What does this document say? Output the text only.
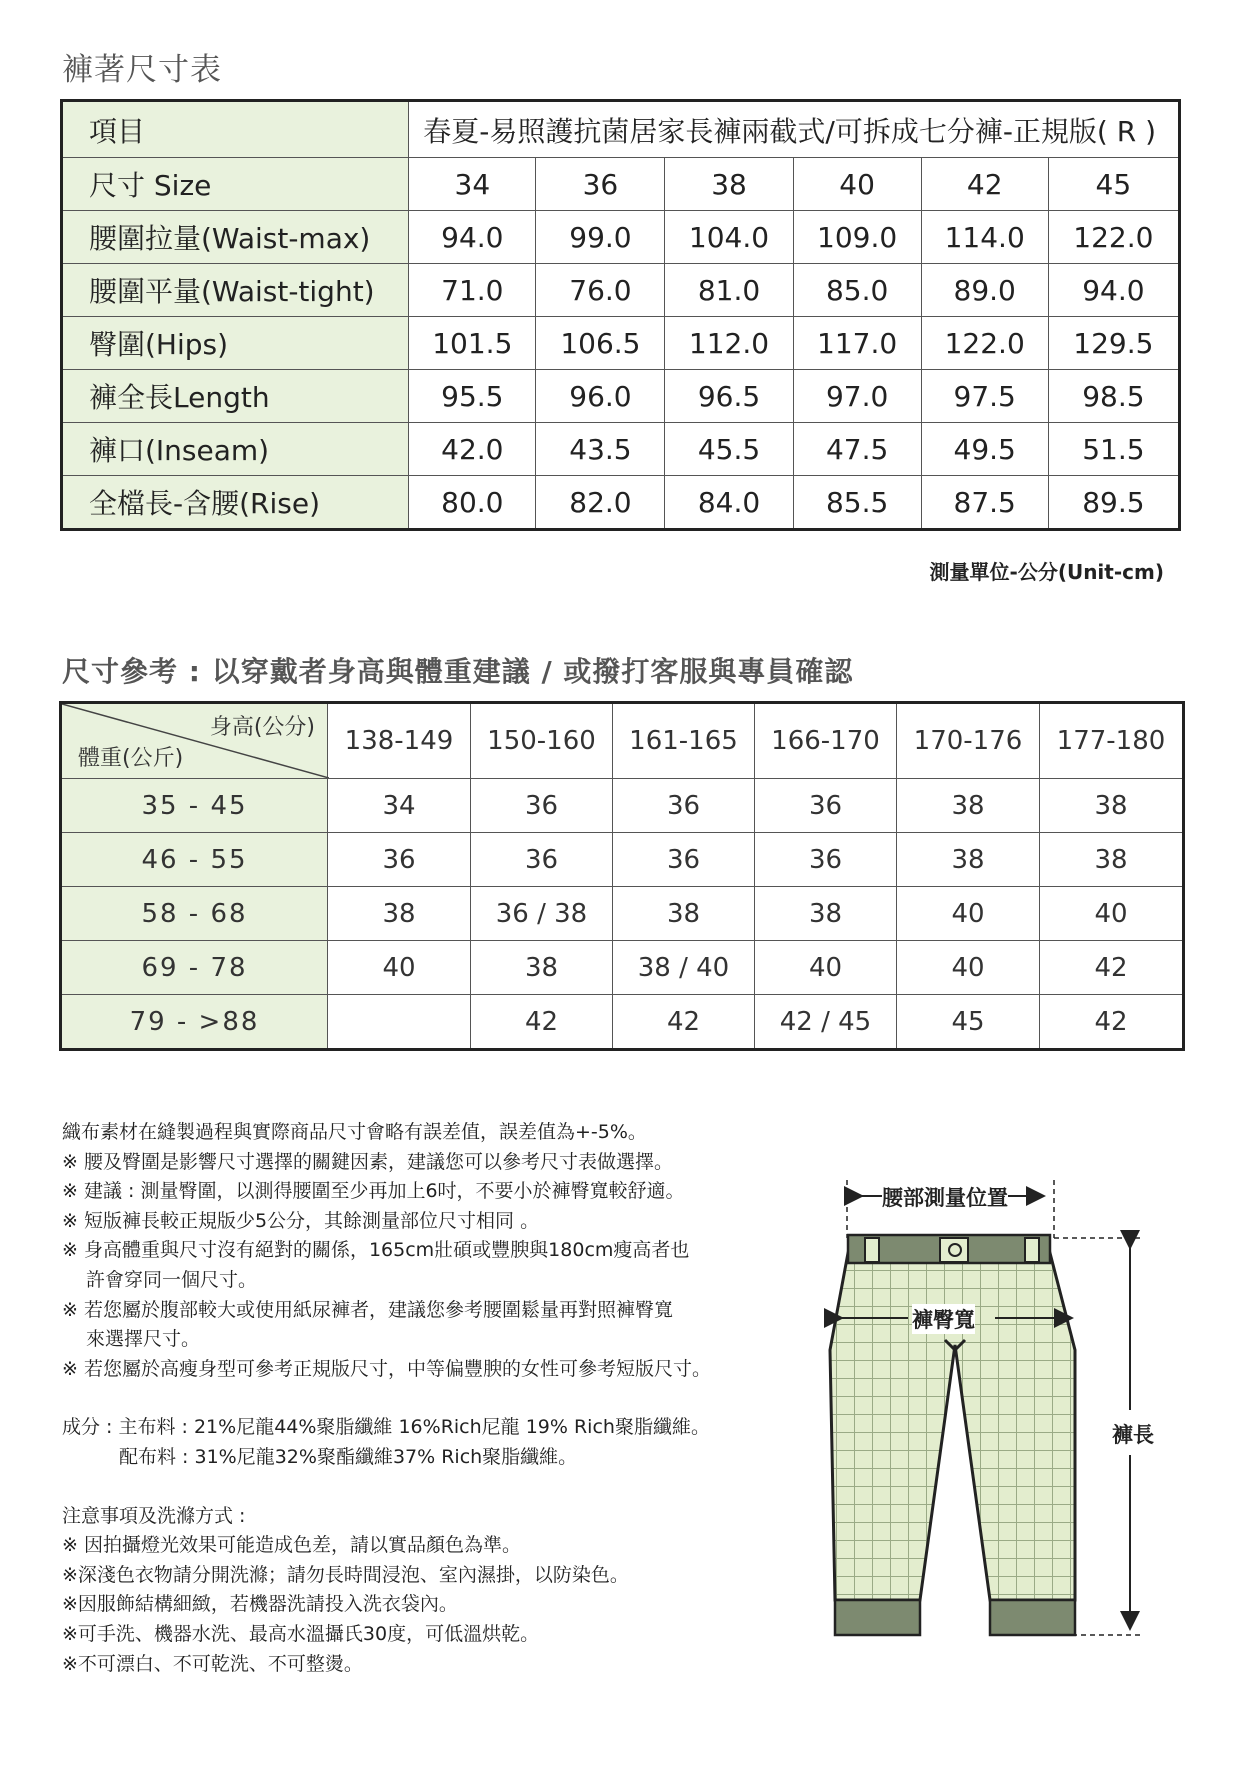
褲著尺寸表
項目	春夏-易照護抗菌居家長褲兩截式/可拆成七分褲-正規版( R )					
尺寸 Size	34	36	38	40	42	45
腰圍拉量(Waist-max)	94.0	99.0	104.0	109.0	114.0	122.0
腰圍平量(Waist-tight)	71.0	76.0	81.0	85.0	89.0	94.0
臀圍(Hips)	101.5	106.5	112.0	117.0	122.0	129.5
褲全長Length	95.5	96.0	96.5	97.0	97.5	98.5
褲口(Inseam)	42.0	43.5	45.5	47.5	49.5	51.5
全檔長-含腰(Rise)	80.0	82.0	84.0	85.5	87.5	89.5
測量單位-公分(Unit-cm)
尺寸參考 : 以穿戴者身高與體重建議 / 或撥打客服與專員確認
身高(公分)
體重(公斤)	138-149	150-160	161-165	166-170	170-176	177-180
35 - 45	34	36	36	36	38	38
46 - 55	36	36	36	36	38	38
58 - 68	38	36 / 38	38	38	40	40
69 - 78	40	38	38 / 40	40	40	42
79 - >88		42	42	42 / 45	45	42
織布素材在縫製過程與實際商品尺寸會略有誤差值，誤差值為+-5%。
※ 腰及臀圍是影響尺寸選擇的關鍵因素，建議您可以參考尺寸表做選擇。
※ 建議 : 測量臀圍，以測得腰圍至少再加上6吋，不要小於褲臀寬較舒適。
※ 短版褲長較正規版少5公分，其餘測量部位尺寸相同 。
※ 身高體重與尺寸沒有絕對的關係，165cm壯碩或豐腴與180cm瘦高者也
許會穿同一個尺寸。
※ 若您屬於腹部較大或使用紙尿褲者，建議您參考腰圍鬆量再對照褲臀寬
來選擇尺寸。
※ 若您屬於高瘦身型可參考正規版尺寸，中等偏豐腴的女性可參考短版尺寸。
成分 : 主布料 : 21%尼龍44%聚脂纖維 16%Rich尼龍 19% Rich聚脂纖維。
配布料 : 31%尼龍32%聚酯纖維37% Rich聚脂纖維。
注意事項及洗滌方式 :
※ 因拍攝燈光效果可能造成色差，請以實品顏色為準。
※深淺色衣物請分開洗滌；請勿長時間浸泡、室內濕掛，以防染色。
※因服飾結構細緻，若機器洗請投入洗衣袋內。
※可手洗、機器水洗、最高水溫攝氏30度，可低溫烘乾。
※不可漂白、不可乾洗、不可整燙。
腰部測量位置
褲臀寬
褲長
